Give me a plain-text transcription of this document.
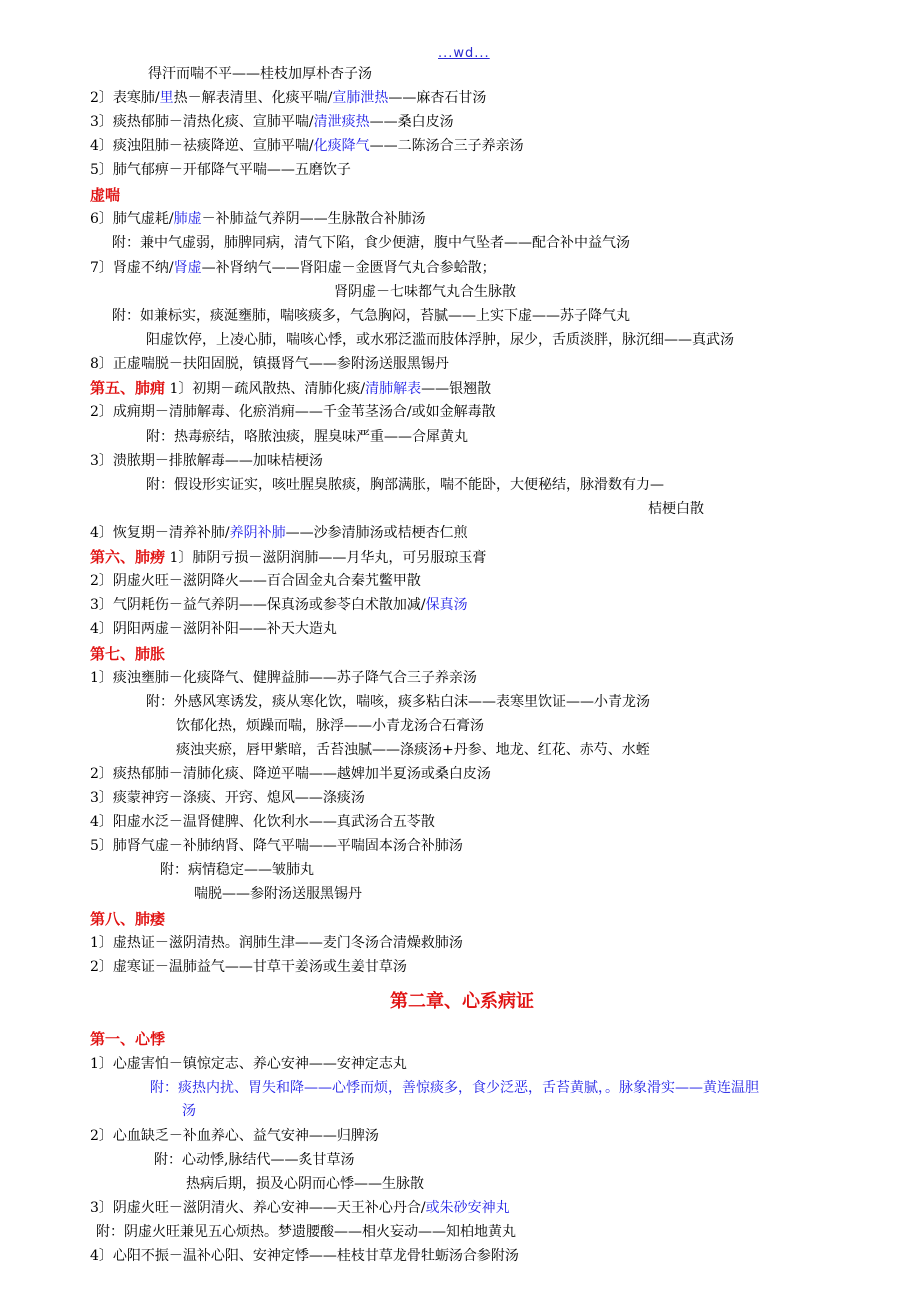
...wd...
得汗而喘不平——桂枝加厚朴杏子汤
2〕表寒肺/里热－解表清里、化痰平喘/宣肺泄热——麻杏石甘汤
3〕痰热郁肺－清热化痰、宣肺平喘/清泄痰热——桑白皮汤
4〕痰浊阻肺－祛痰降逆、宣肺平喘/化痰降气——二陈汤合三子养亲汤
5〕肺气郁痹－开郁降气平喘——五磨饮子
虚喘
6〕肺气虚耗/肺虚－补肺益气养阴——生脉散合补肺汤
附：兼中气虚弱，肺脾同病，清气下陷，食少便溏，腹中气坠者——配合补中益气汤
7〕肾虚不纳/肾虚—补肾纳气——肾阳虚－金匮肾气丸合参蛤散；
肾阴虚－七味都气丸合生脉散
附：如兼标实，痰涎壅肺，喘咳痰多，气急胸闷，苔腻——上实下虚——苏子降气丸
阳虚饮停，上凌心肺，喘咳心悸，或水邪泛滥而肢体浮肿，尿少，舌质淡胖，脉沉细——真武汤
8〕正虚喘脱－扶阳固脱，镇摄肾气——参附汤送服黑锡丹
第五、肺痈 1〕初期－疏风散热、清肺化痰/清肺解表——银翘散
2〕成痈期－清肺解毒、化瘀消痈——千金苇茎汤合/或如金解毒散
附：热毒瘀结，咯脓浊痰，腥臭味严重——合犀黄丸
3〕溃脓期－排脓解毒——加味桔梗汤
附：假设形实证实，咳吐腥臭脓痰，胸部满胀，喘不能卧，大便秘结，脉滑数有力—
桔梗白散
4〕恢复期－清养补肺/养阴补肺——沙参清肺汤或桔梗杏仁煎
第六、肺痨 1〕肺阴亏损－滋阴润肺——月华丸，可另服琼玉膏
2〕阴虚火旺－滋阴降火——百合固金丸合秦艽鳖甲散
3〕气阴耗伤－益气养阴——保真汤或参苓白术散加减/保真汤
4〕阴阳两虚－滋阴补阳——补天大造丸
第七、肺胀
1〕痰浊壅肺－化痰降气、健脾益肺——苏子降气合三子养亲汤
附：外感风寒诱发，痰从寒化饮，喘咳，痰多粘白沫——表寒里饮证——小青龙汤
饮郁化热，烦躁而喘，脉浮——小青龙汤合石膏汤
痰浊夹瘀，唇甲紫暗，舌苔浊腻——涤痰汤+丹参、地龙、红花、赤芍、水蛭
2〕痰热郁肺－清肺化痰、降逆平喘——越婢加半夏汤或桑白皮汤
3〕痰蒙神窍－涤痰、开窍、熄风——涤痰汤
4〕阳虚水泛－温肾健脾、化饮利水——真武汤合五苓散
5〕肺肾气虚－补肺纳肾、降气平喘——平喘固本汤合补肺汤
附：病情稳定——皱肺丸
喘脱——参附汤送服黑锡丹
第八、肺痿
1〕虚热证－滋阴清热。润肺生津——麦门冬汤合清燥救肺汤
2〕虚寒证－温肺益气——甘草干姜汤或生姜甘草汤
第二章、心系病证
第一、心悸
1〕心虚害怕－镇惊定志、养心安神——安神定志丸
附：痰热内扰、胃失和降——心悸而烦，善惊痰多，食少泛恶，舌苔黄腻，。脉象滑实——黄连温胆
汤
2〕心血缺乏－补血养心、益气安神——归脾汤
附：心动悸,脉结代——炙甘草汤
热病后期，损及心阴而心悸——生脉散
3〕阴虚火旺－滋阴清火、养心安神——天王补心丹合/或朱砂安神丸
附：阴虚火旺兼见五心烦热。梦遗腰酸——相火妄动——知柏地黄丸
4〕心阳不振－温补心阳、安神定悸——桂枝甘草龙骨牡蛎汤合参附汤
